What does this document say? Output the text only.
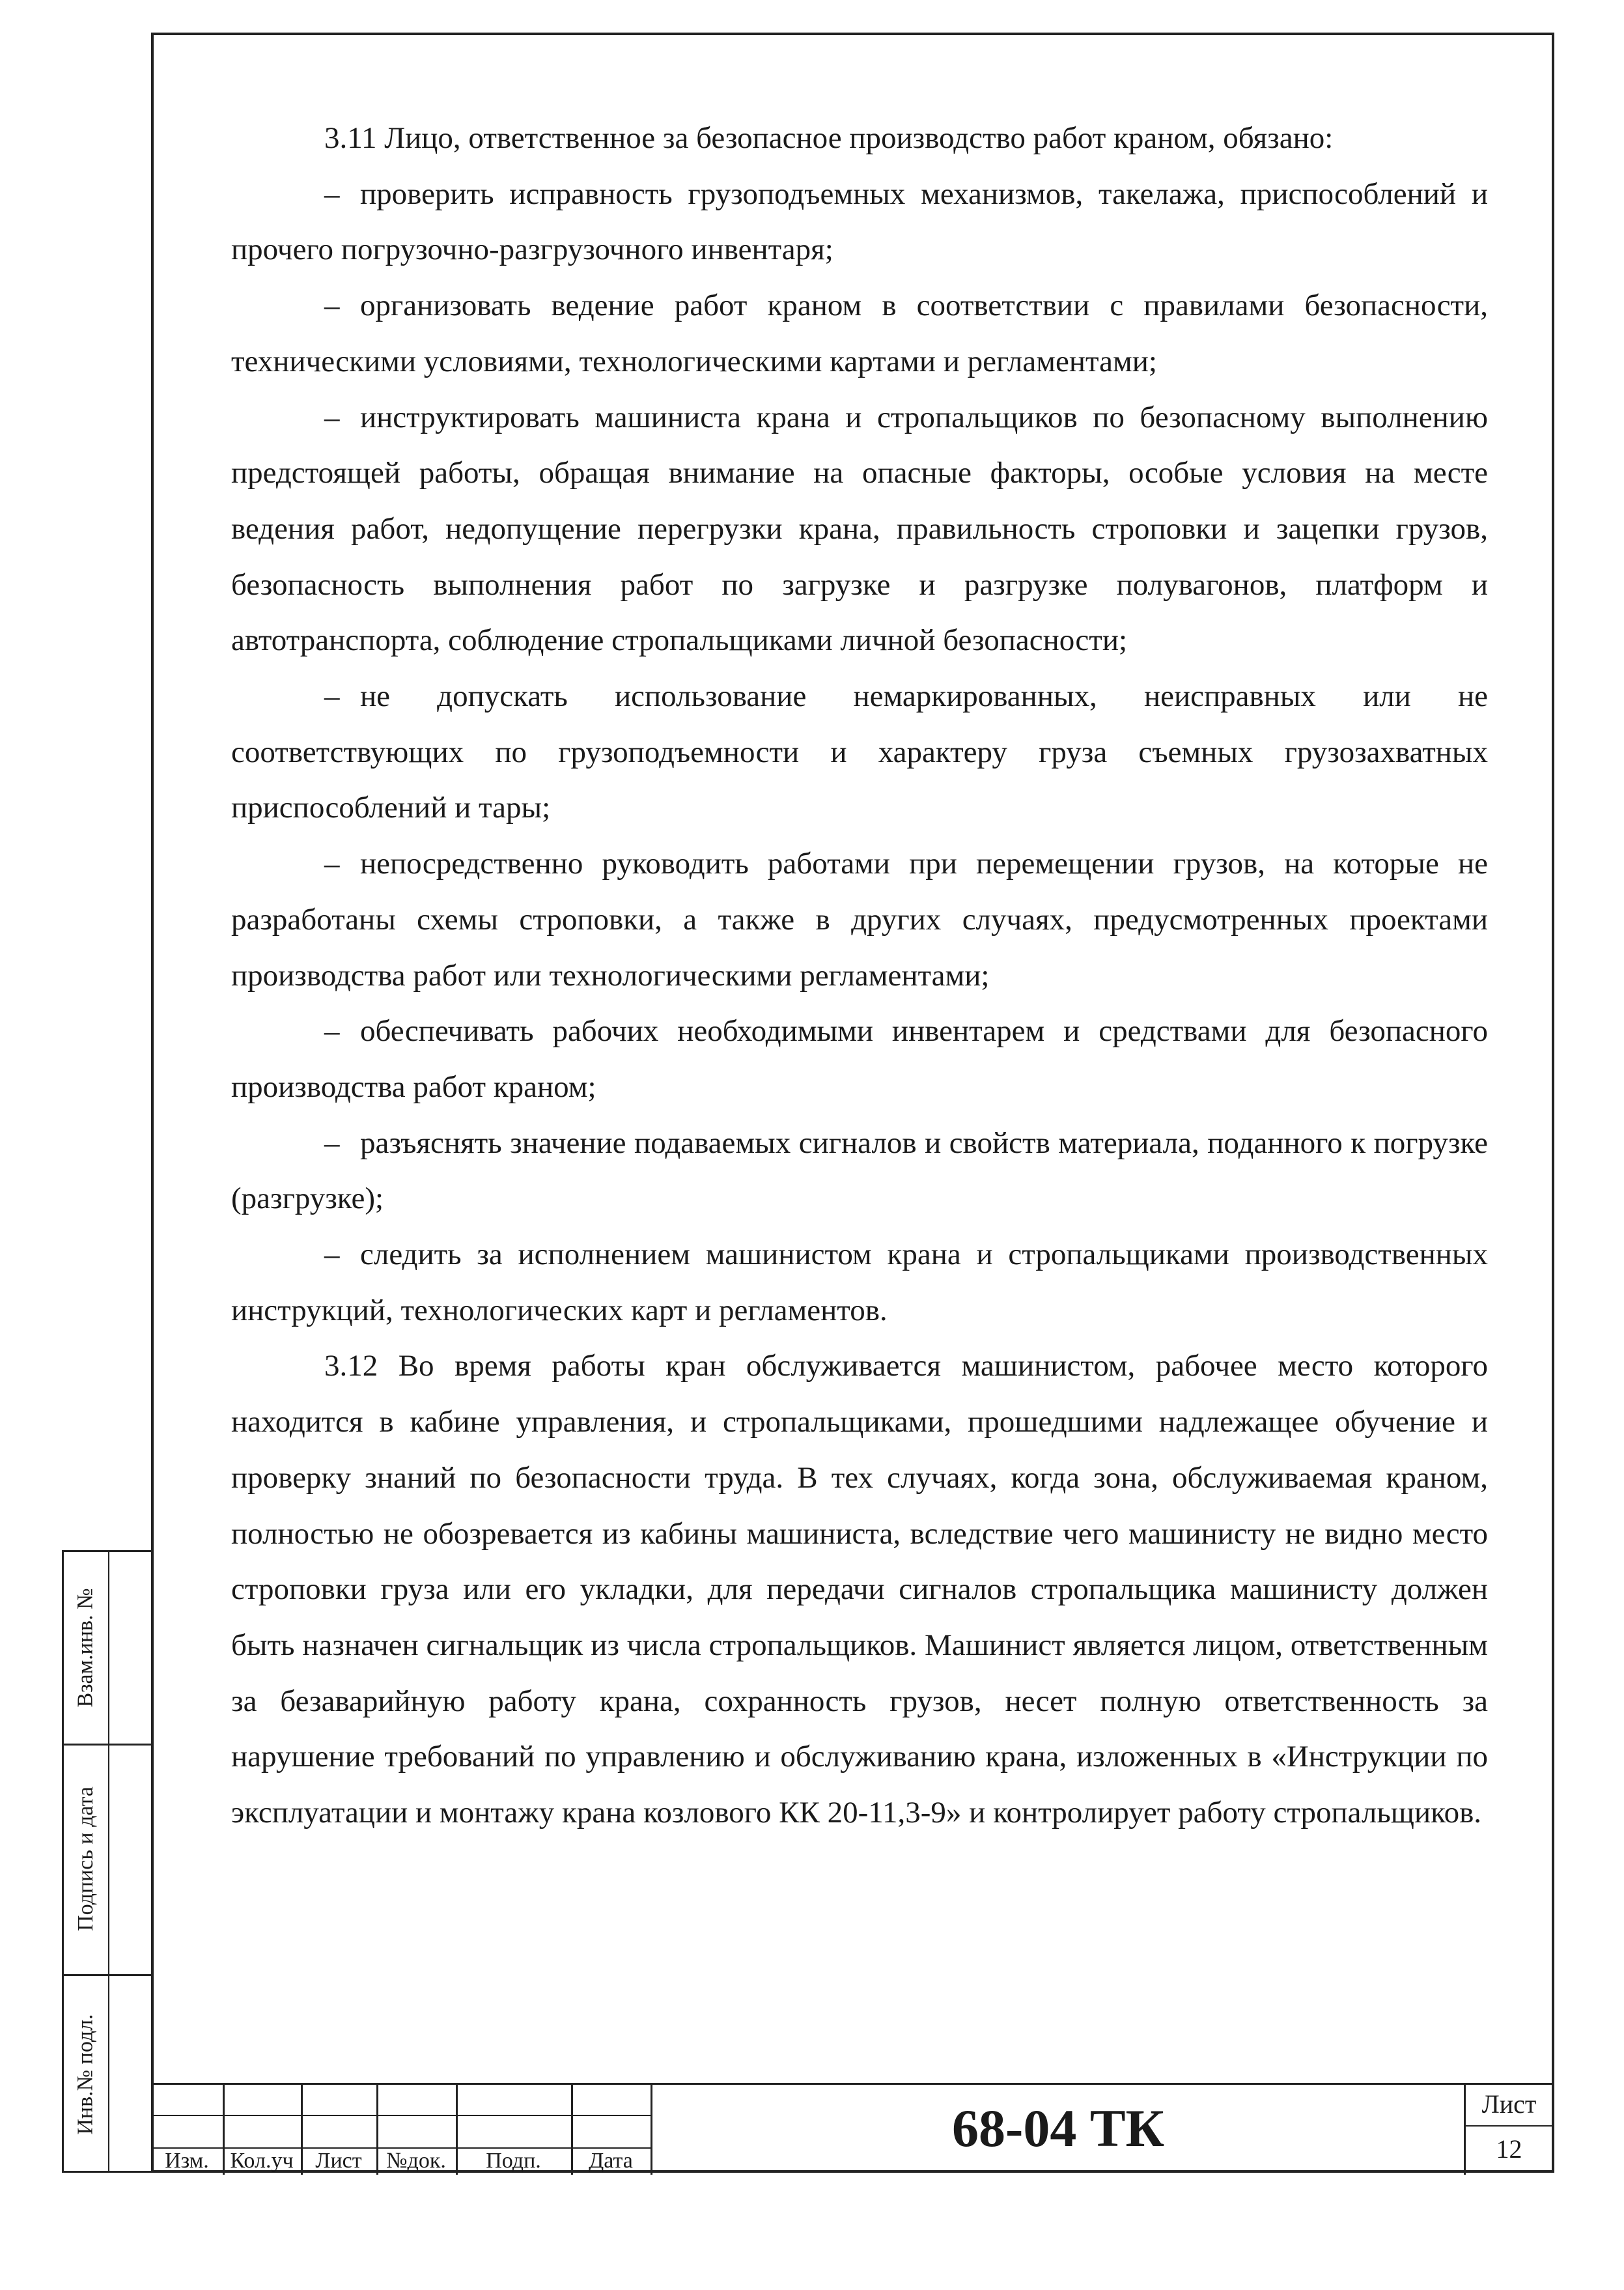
3.11 Лицо, ответственное за безопасное производство работ краном, обязано:

– проверить исправность грузоподъемных механизмов, такелажа, приспособлений и прочего погрузочно-разгрузочного инвентаря;

– организовать ведение работ краном в соответствии с правилами безопасности, техническими условиями, технологическими картами и регламентами;

– инструктировать машиниста крана и стропальщиков по безопасному выполнению предстоящей работы, обращая внимание на опасные факторы, особые условия на месте ведения работ, недопущение перегрузки крана, правильность строповки и зацепки грузов, безопасность выполнения работ по загрузке и разгрузке полувагонов, платформ и автотранспорта, соблюдение стропальщиками личной безопасности;

– не допускать использование немаркированных, неисправных или не соответствующих по грузоподъемности и характеру груза съемных грузозахватных приспособлений и тары;

– непосредственно руководить работами при перемещении грузов, на которые не разработаны схемы строповки, а также в других случаях, предусмотренных проектами производства работ или технологическими регламентами;

– обеспечивать рабочих необходимыми инвентарем и средствами для безопасного производства работ краном;

– разъяснять значение подаваемых сигналов и свойств материала, поданного к погрузке (разгрузке);

– следить за исполнением машинистом крана и стропальщиками производственных инструкций, технологических карт и регламентов.

3.12 Во время работы кран обслуживается машинистом, рабочее место которого находится в кабине управления, и стропальщиками, прошедшими надлежащее обучение и проверку знаний по безопасности труда. В тех случаях, когда зона, обслуживаемая краном, полностью не обозревается из кабины машиниста, вследствие чего машинисту не видно место строповки груза или его укладки, для передачи сигналов стропальщика машинисту должен быть назначен сигнальщик из числа стропальщиков. Машинист является лицом, ответственным за безаварийную работу крана, сохранность грузов, несет полную ответственность за нарушение требований по управлению и обслуживанию крана, изложенных в «Инструкции по эксплуатации и монтажу крана козлового КК 20-11,3-9» и контролирует работу стропальщиков.

Взам.инв. №
Подпись и дата
Инв.№ подл.
Изм. Кол.уч Лист	№док.	Подп.	Дата
68-04 ТК	Лист
12
